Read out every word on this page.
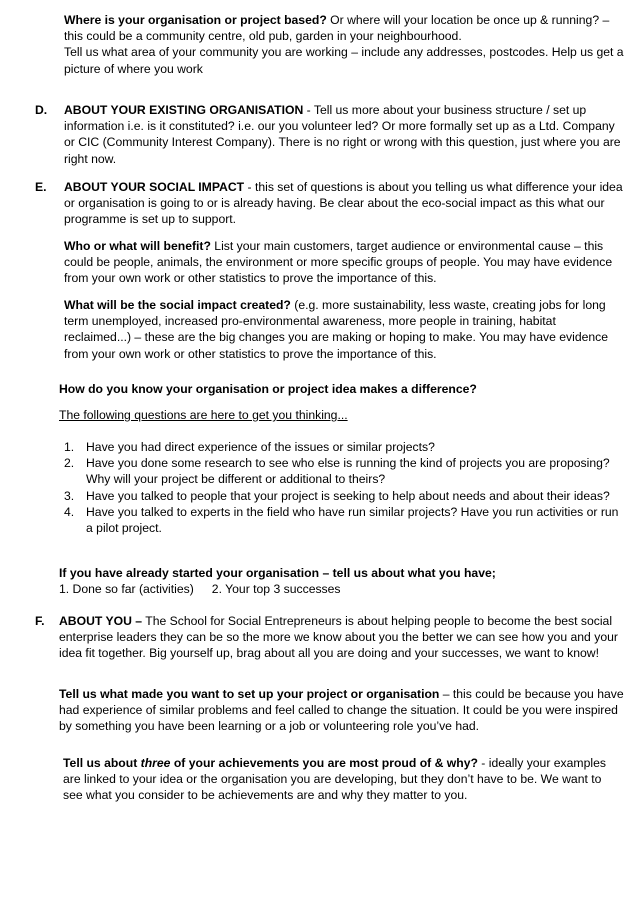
Where is your organisation or project based? Or where will your location be once up & running? – this could be a community centre, old pub, garden in your neighbourhood.

Tell us what area of your community you are working – include any addresses, postcodes. Help us get a picture of where you work

D. ABOUT YOUR EXISTING ORGANISATION - Tell us more about your business structure / set up information i.e. is it constituted? i.e. our you volunteer led? Or more formally set up as a Ltd. Company or CIC (Community Interest Company). There is no right or wrong with this question, just where you are right now.

E. ABOUT YOUR SOCIAL IMPACT - this set of questions is about you telling us what difference your idea or organisation is going to or is already having. Be clear about the eco-social impact as this what our programme is set up to support.

Who or what will benefit? List your main customers, target audience or environmental cause – this could be people, animals, the environment or more specific groups of people. You may have evidence from your own work or other statistics to prove the importance of this.

What will be the social impact created? (e.g. more sustainability, less waste, creating jobs for long term unemployed, increased pro-environmental awareness, more people in training, habitat reclaimed...) – these are the big changes you are making or hoping to make. You may have evidence from your own work or other statistics to prove the importance of this.

How do you know your organisation or project idea makes a difference?
The following questions are here to get you thinking...
1. Have you had direct experience of the issues or similar projects?
2. Have you done some research to see who else is running the kind of projects you are proposing? Why will your project be different or additional to theirs?
3. Have you talked to people that your project is seeking to help about needs and about their ideas?
4. Have you talked to experts in the field who have run similar projects? Have you run activities or run a pilot project.
If you have already started your organisation – tell us about what you have;
1. Done so far (activities) 2. Your top 3 successes
F. ABOUT YOU – The School for Social Entrepreneurs is about helping people to become the best social enterprise leaders they can be so the more we know about you the better we can see how you and your idea fit together. Big yourself up, brag about all you are doing and your successes, we want to know!

Tell us what made you want to set up your project or organisation – this could be because you have had experience of similar problems and feel called to change the situation. It could be you were inspired by something you have been learning or a job or volunteering role you’ve had.

Tell us about three of your achievements you are most proud of & why? - ideally your examples are linked to your idea or the organisation you are developing, but they don’t have to be. We want to see what you consider to be achievements are and why they matter to you.
